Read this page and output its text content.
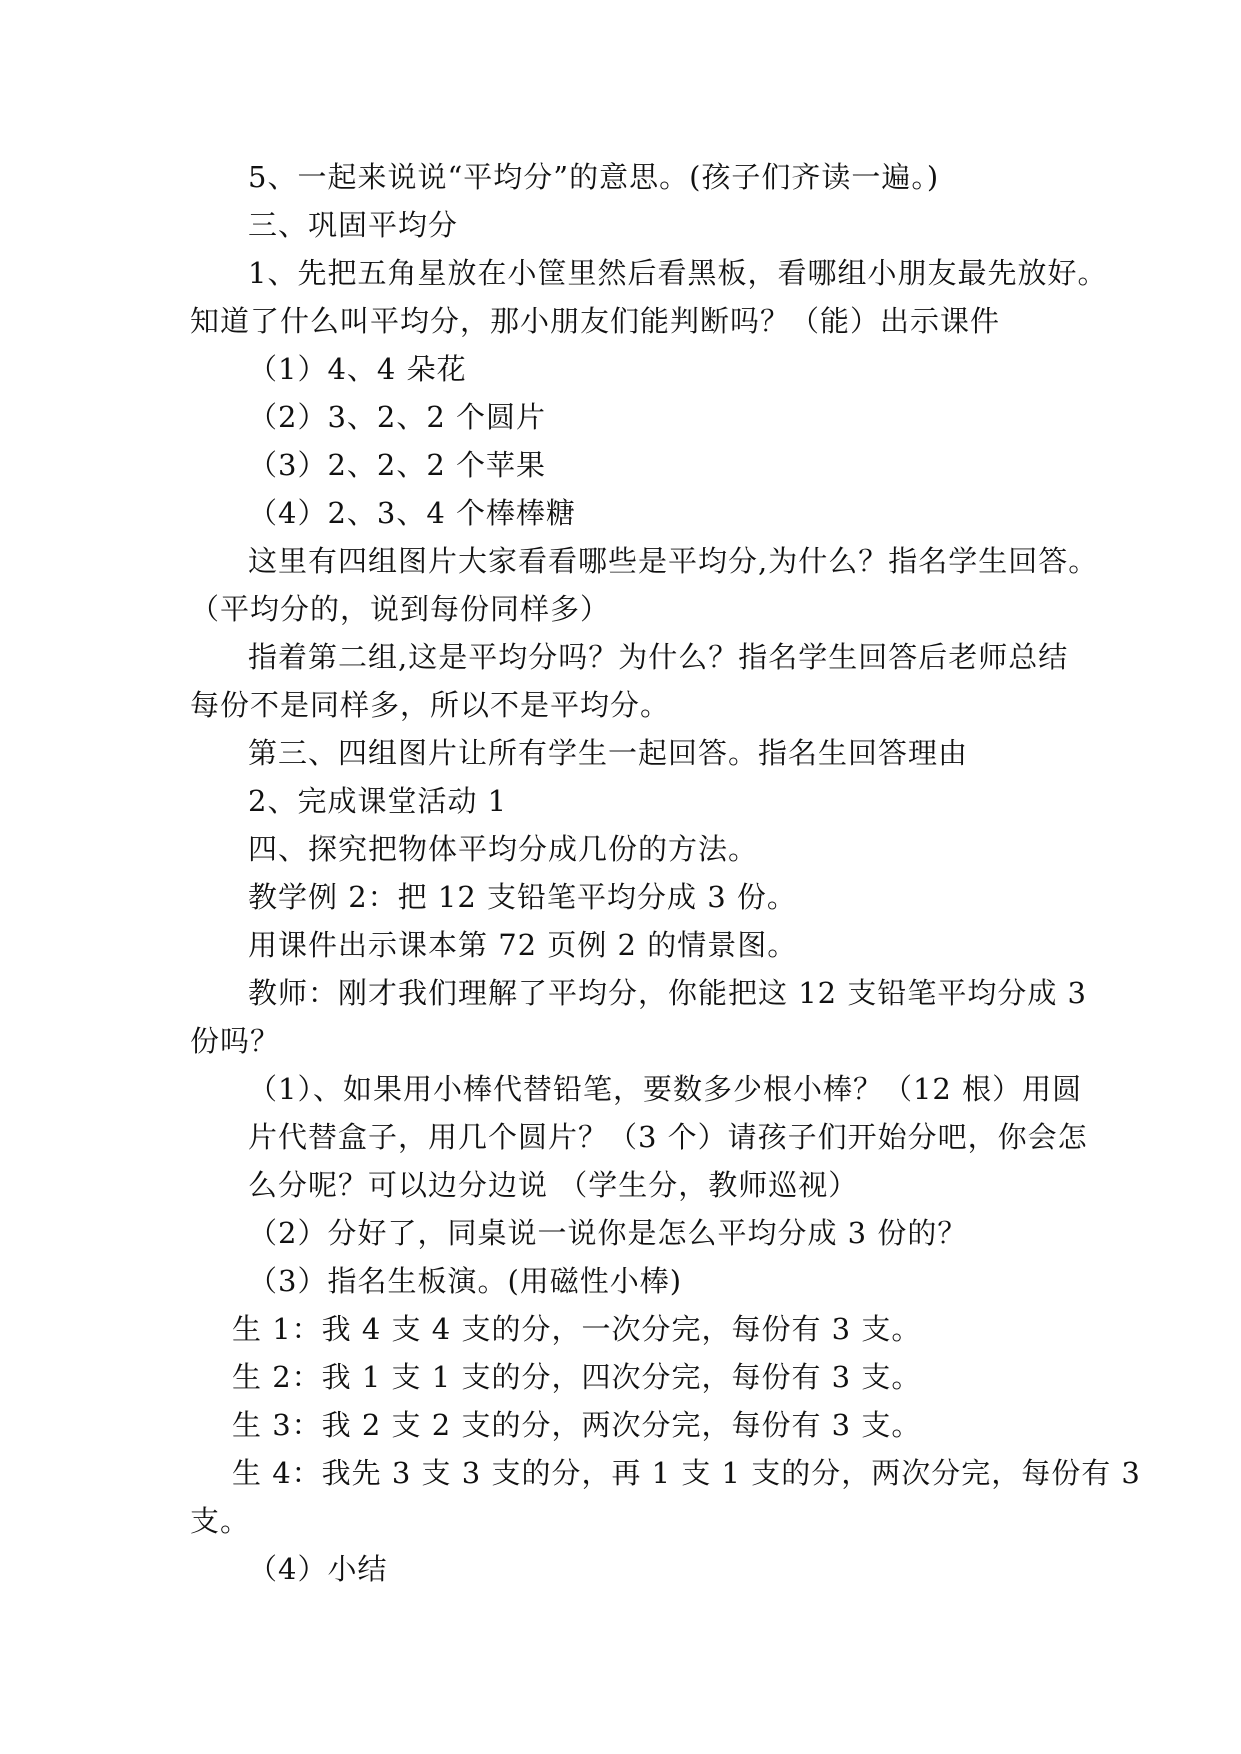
5、一起来说说“平均分”的意思。(孩子们齐读一遍。)
三、巩固平均分
1、先把五角星放在小筐里然后看黑板，看哪组小朋友最先放好。
知道了什么叫平均分，那小朋友们能判断吗？（能）出示课件
（1）4、4 朵花
（2）3、2、2 个圆片
（3）2、2、2 个苹果
（4）2、3、4 个棒棒糖
这里有四组图片大家看看哪些是平均分,为什么？指名学生回答。
（平均分的，说到每份同样多）
指着第二组,这是平均分吗？为什么？指名学生回答后老师总结
每份不是同样多，所以不是平均分。
第三、四组图片让所有学生一起回答。指名生回答理由
2、完成课堂活动 1
四、探究把物体平均分成几份的方法。
教学例 2：把 12 支铅笔平均分成 3 份。
用课件出示课本第 72 页例 2 的情景图。
教师：刚才我们理解了平均分，你能把这 12 支铅笔平均分成 3
份吗？
（1）、如果用小棒代替铅笔，要数多少根小棒？（12 根）用圆
片代替盒子，用几个圆片？（3 个）请孩子们开始分吧，你会怎
么分呢？可以边分边说 （学生分，教师巡视）
（2）分好了，同桌说一说你是怎么平均分成 3 份的？
（3）指名生板演。(用磁性小棒)
生 1：我 4 支 4 支的分，一次分完，每份有 3 支。
生 2：我 1 支 1 支的分，四次分完，每份有 3 支。
生 3：我 2 支 2 支的分，两次分完，每份有 3 支。
生 4：我先 3 支 3 支的分，再 1 支 1 支的分，两次分完，每份有 3
支。
（4）小结
